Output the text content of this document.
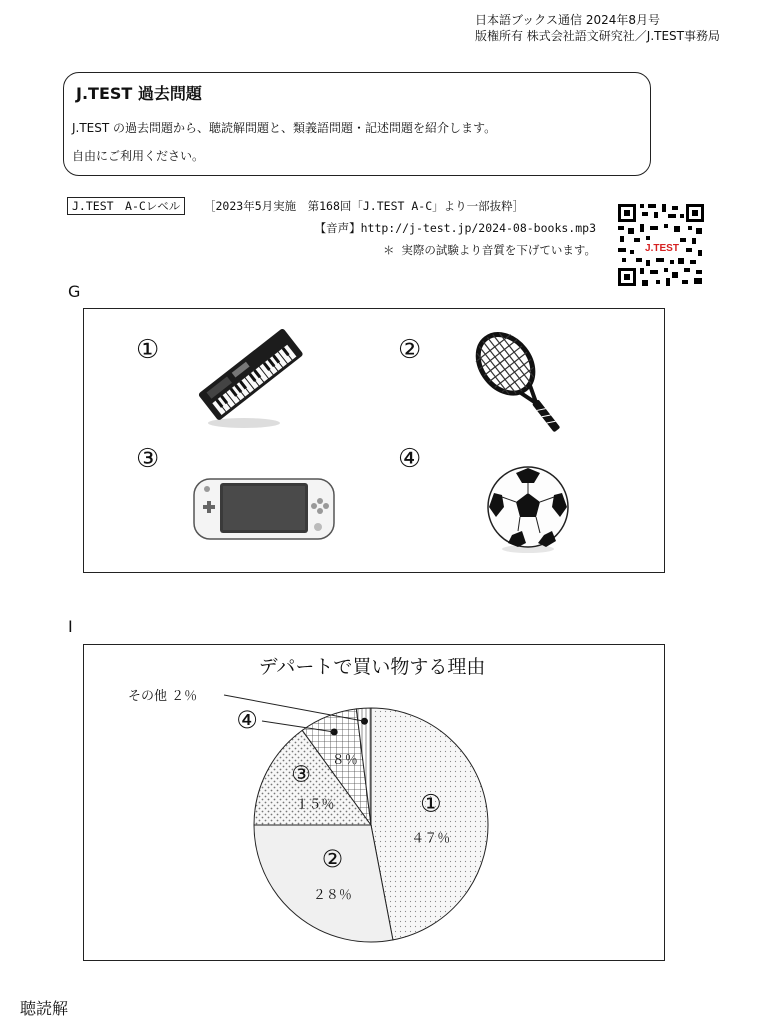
日本語ブックス通信 2024年8月号
版権所有 株式会社語文研究社／J.TEST事務局
J.TEST 過去問題
J.TEST の過去問題から、聴読解問題と、類義語問題・記述問題を紹介します。
自由にご利用ください。
J.TEST　A-Cレベル	［2023年5月実施　第168回「J.TEST A-C」より一部抜粋］
【音声】http://j-test.jp/2024-08-books.mp3
＊ 実際の試験より音質を下げています。	J.TEST
G
①	②
③	④
I
デパートで買い物する理由
①
４７％
②
２８％
③
１５％
８％
④
その他 ２％
聴読解
